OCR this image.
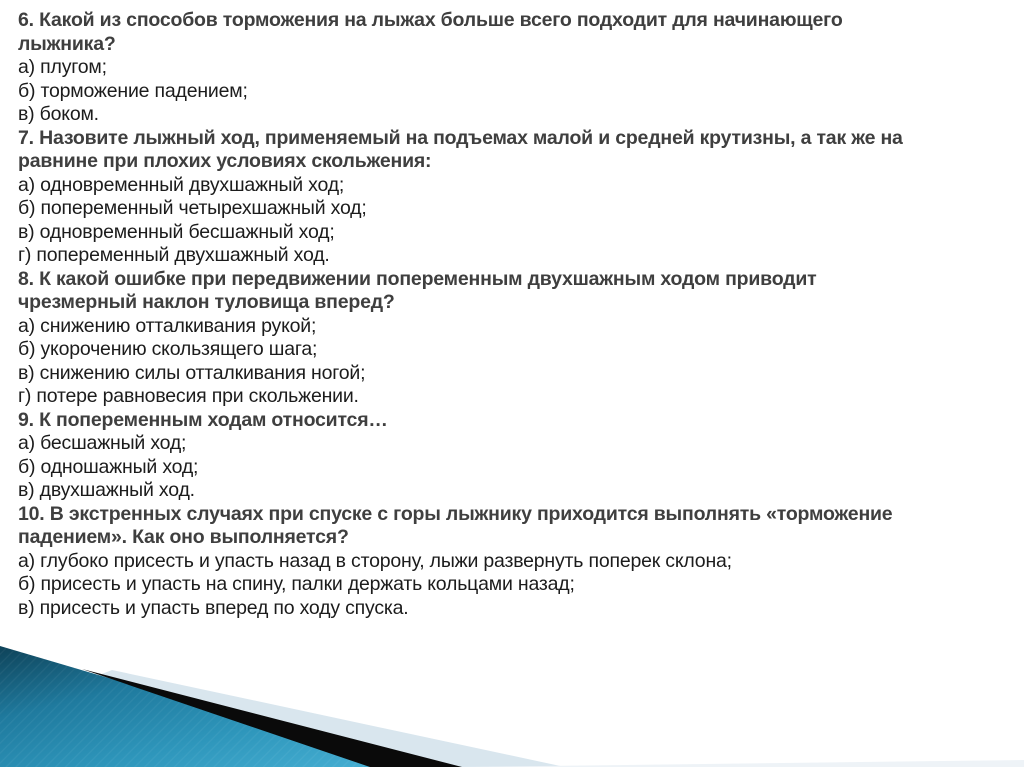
6. Какой из способов торможения на лыжах больше всего подходит для начинающего
лыжника?
а) плугом;
б) торможение падением;
в) боком.
7. Назовите лыжный ход, применяемый на подъемах малой и средней крутизны, а так же на
равнине при плохих условиях скольжения:
а) одновременный двухшажный ход;
б) попеременный четырехшажный ход;
в) одновременный бесшажный ход;
г) попеременный двухшажный ход.
8. К какой ошибке при передвижении попеременным двухшажным ходом приводит
чрезмерный наклон туловища вперед?
а) снижению отталкивания рукой;
б) укорочению скользящего шага;
в) снижению силы отталкивания ногой;
г) потере равновесия при скольжении.
9. К попеременным ходам относится…
а) бесшажный ход;
б) одношажный ход;
в) двухшажный ход.
10. В экстренных случаях при спуске с горы лыжнику приходится выполнять «торможение
падением». Как оно выполняется?
а) глубоко присесть и упасть назад в сторону, лыжи развернуть поперек склона;
б) присесть и упасть на спину, палки держать кольцами назад;
в) присесть и упасть вперед по ходу спуска.
